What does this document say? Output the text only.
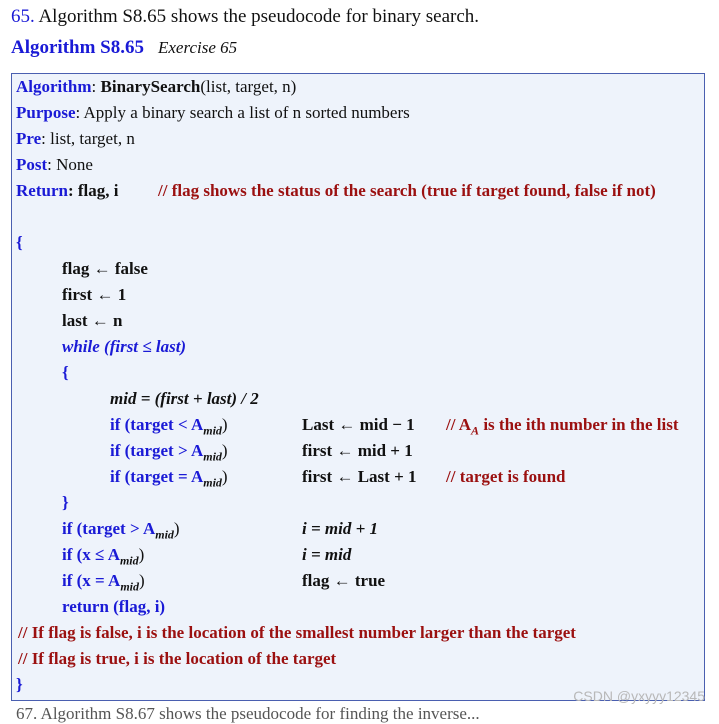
65. Algorithm S8.65 shows the pseudocode for binary search.
Algorithm S8.65 Exercise 65
Algorithm: BinarySearch(list, target, n)
Purpose: Apply a binary search a list of n sorted numbers
Pre: list, target, n
Post: None
Return: flag, i // flag shows the status of the search (true if target found, false if not)
{
flag ← false
first ← 1
last ← n
while (first ≤ last)
{
mid = (first + last) / 2
if (target < $A_{mid}$)	Last ← mid − $1 // A_A$ is the ith number in the list
if (target > $A_{mid}$)	first ← mid + 1
if (target = $A_{mid}$)	first ← Last + 1 // target is found
}
if (target > $A_{mid}$)	i = mid + 1
if $(x \le A_{mid})$	i = mid
if $(x = A_{mid})$	flag ← true
return (flag, i)
// If flag is false, i is the location of the smallest number larger than the target
// If flag is true, i is the location of the target
}
CSDN @yxyyy12345
67. Algorithm S8.67 shows the pseudocode for finding the inverse...
